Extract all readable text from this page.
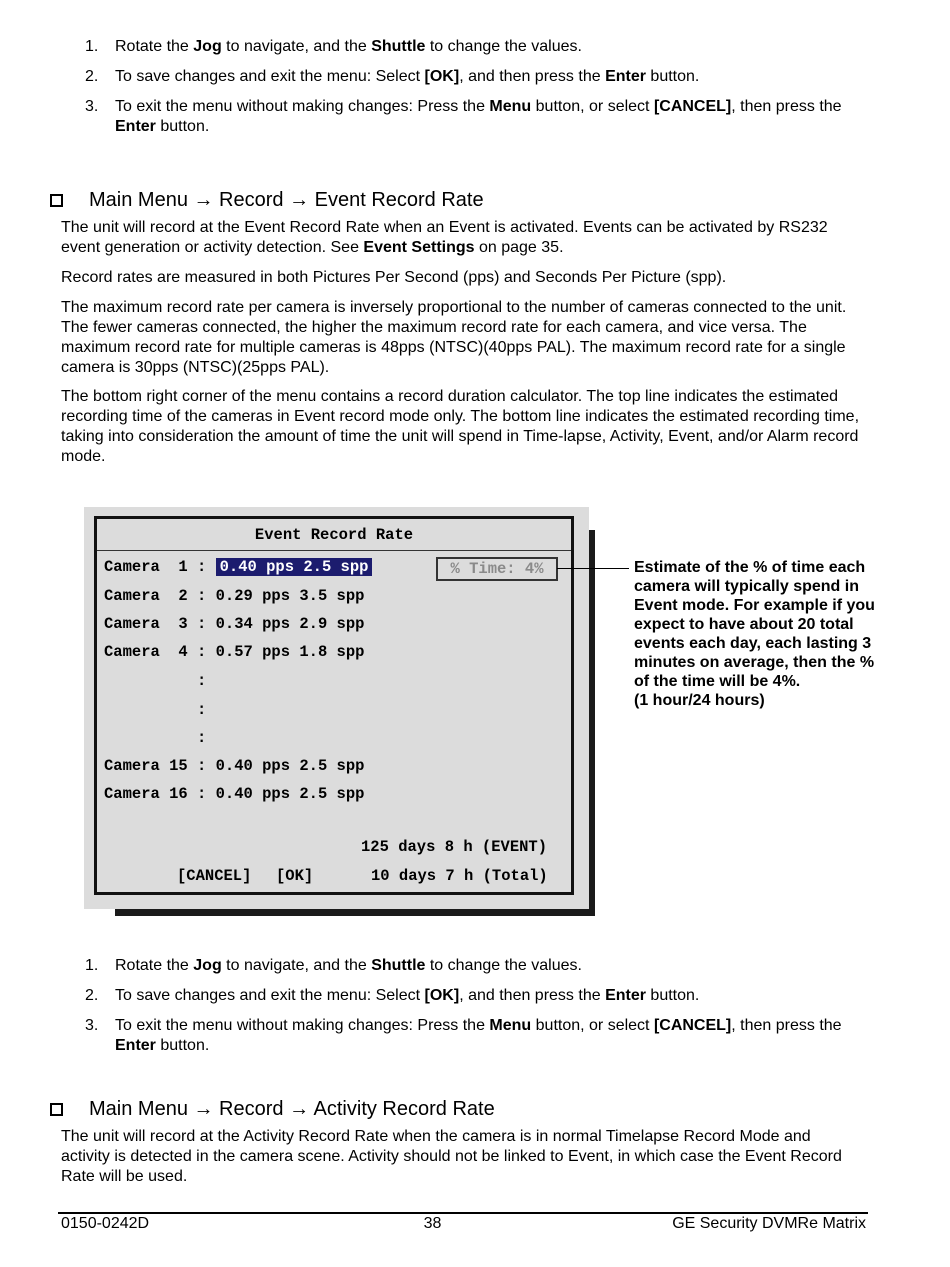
1. Rotate the Jog to navigate, and the Shuttle to change the values.
2. To save changes and exit the menu: Select [OK], and then press the Enter button.
3. To exit the menu without making changes: Press the Menu button, or select [CANCEL], then press the Enter button.
Main Menu → Record → Event Record Rate

The unit will record at the Event Record Rate when an Event is activated. Events can be activated by RS232 event generation or activity detection. See Event Settings on page 35.

Record rates are measured in both Pictures Per Second (pps) and Seconds Per Picture (spp).

The maximum record rate per camera is inversely proportional to the number of cameras connected to the unit. The fewer cameras connected, the higher the maximum record rate for each camera, and vice versa. The maximum record rate for multiple cameras is 48pps (NTSC)(40pps PAL). The maximum record rate for a single camera is 30pps (NTSC)(25pps PAL).

The bottom right corner of the menu contains a record duration calculator. The top line indicates the estimated recording time of the cameras in Event record mode only. The bottom line indicates the estimated recording time, taking into consideration the amount of time the unit will spend in Time-lapse, Activity, Event, and/or Alarm record mode.

Event Record Rate
Camera  1 : 0.40 pps 2.5 spp
Camera  2 : 0.29 pps 3.5 spp
Camera  3 : 0.34 pps 2.9 spp
Camera  4 : 0.57 pps 1.8 spp
:
:
:
Camera 15 : 0.40 pps 2.5 spp
Camera 16 : 0.40 pps 2.5 spp
% Time: 4%
125 days 8 h (EVENT)
[CANCEL] [OK]	10 days 7 h (Total)
Estimate of the % of time each
camera will typically spend in
Event mode. For example if you
expect to have about 20 total
events each day, each lasting 3
minutes on average, then the %
of the time will be 4%.
(1 hour/24 hours)
1. Rotate the Jog to navigate, and the Shuttle to change the values.
2. To save changes and exit the menu: Select [OK], and then press the Enter button.
3. To exit the menu without making changes: Press the Menu button, or select [CANCEL], then press the Enter button.
Main Menu → Record → Activity Record Rate

The unit will record at the Activity Record Rate when the camera is in normal Timelapse Record Mode and activity is detected in the camera scene. Activity should not be linked to Event, in which case the Event Record Rate will be used.

0150-0242D	38	GE Security DVMRe Matrix
